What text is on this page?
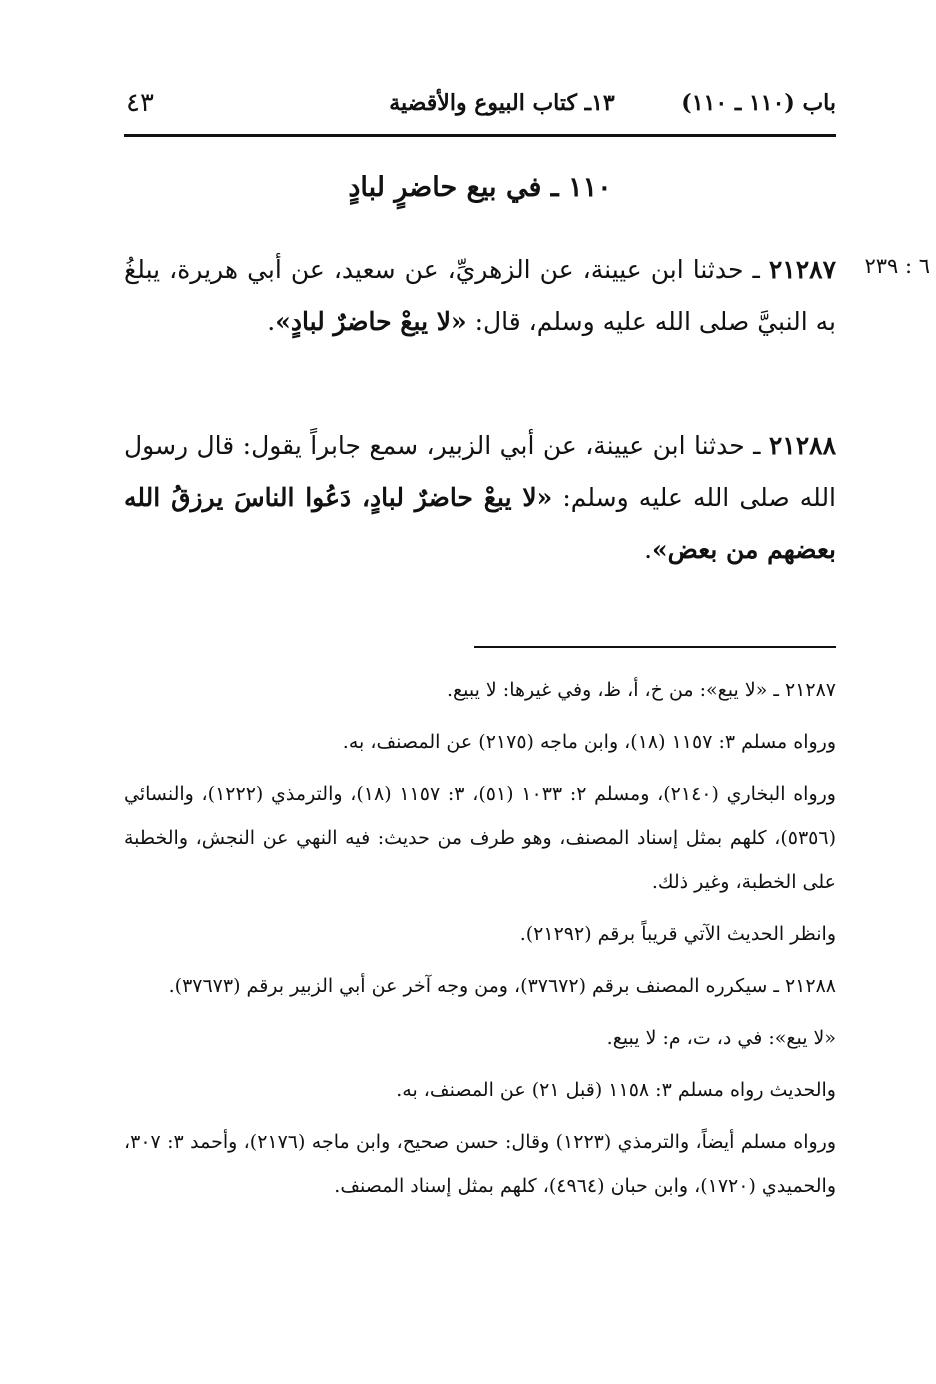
باب (١١٠ ـ ١١٠)
١٣ـ كتاب البيوع والأقضية
٤٣
١١٠ ـ في بيع حاضرٍ لبادٍ
٦ : ٢٣٩

٢١٢٨٧ ـ حدثنا ابن عيينة، عن الزهريِّ، عن سعيد، عن أبي هريرة، يبلغُ به النبيَّ صلى الله عليه وسلم، قال: «لا يبعْ حاضرٌ لبادٍ».

٢١٢٨٨ ـ حدثنا ابن عيينة، عن أبي الزبير، سمع جابراً يقول: قال رسول الله صلى الله عليه وسلم: «لا يبعْ حاضرٌ لبادٍ، دَعُوا الناسَ يرزقُ الله بعضهم من بعض».

٢١٢٨٧ ـ «لا يبع»: من خ، أ، ظ، وفي غيرها: لا يبيع.

ورواه مسلم ٣: ١١٥٧ (١٨)، وابن ماجه (٢١٧٥) عن المصنف، به.

ورواه البخاري (٢١٤٠)، ومسلم ٢: ١٠٣٣ (٥١)، ٣: ١١٥٧ (١٨)، والترمذي (١٢٢٢)، والنسائي (٥٣٥٦)، كلهم بمثل إسناد المصنف، وهو طرف من حديث: فيه النهي عن النجش، والخطبة على الخطبة، وغير ذلك.

وانظر الحديث الآتي قريباً برقم (٢١٢٩٢).

٢١٢٨٨ ـ سيكرره المصنف برقم (٣٧٦٧٢)، ومن وجه آخر عن أبي الزبير برقم (٣٧٦٧٣).

«لا يبع»: في د، ت، م: لا يبيع.

والحديث رواه مسلم ٣: ١١٥٨ (قبل ٢١) عن المصنف، به.

ورواه مسلم أيضاً، والترمذي (١٢٢٣) وقال: حسن صحيح، وابن ماجه (٢١٧٦)، وأحمد ٣: ٣٠٧، والحميدي (١٧٢٠)، وابن حبان (٤٩٦٤)، كلهم بمثل إسناد المصنف.
